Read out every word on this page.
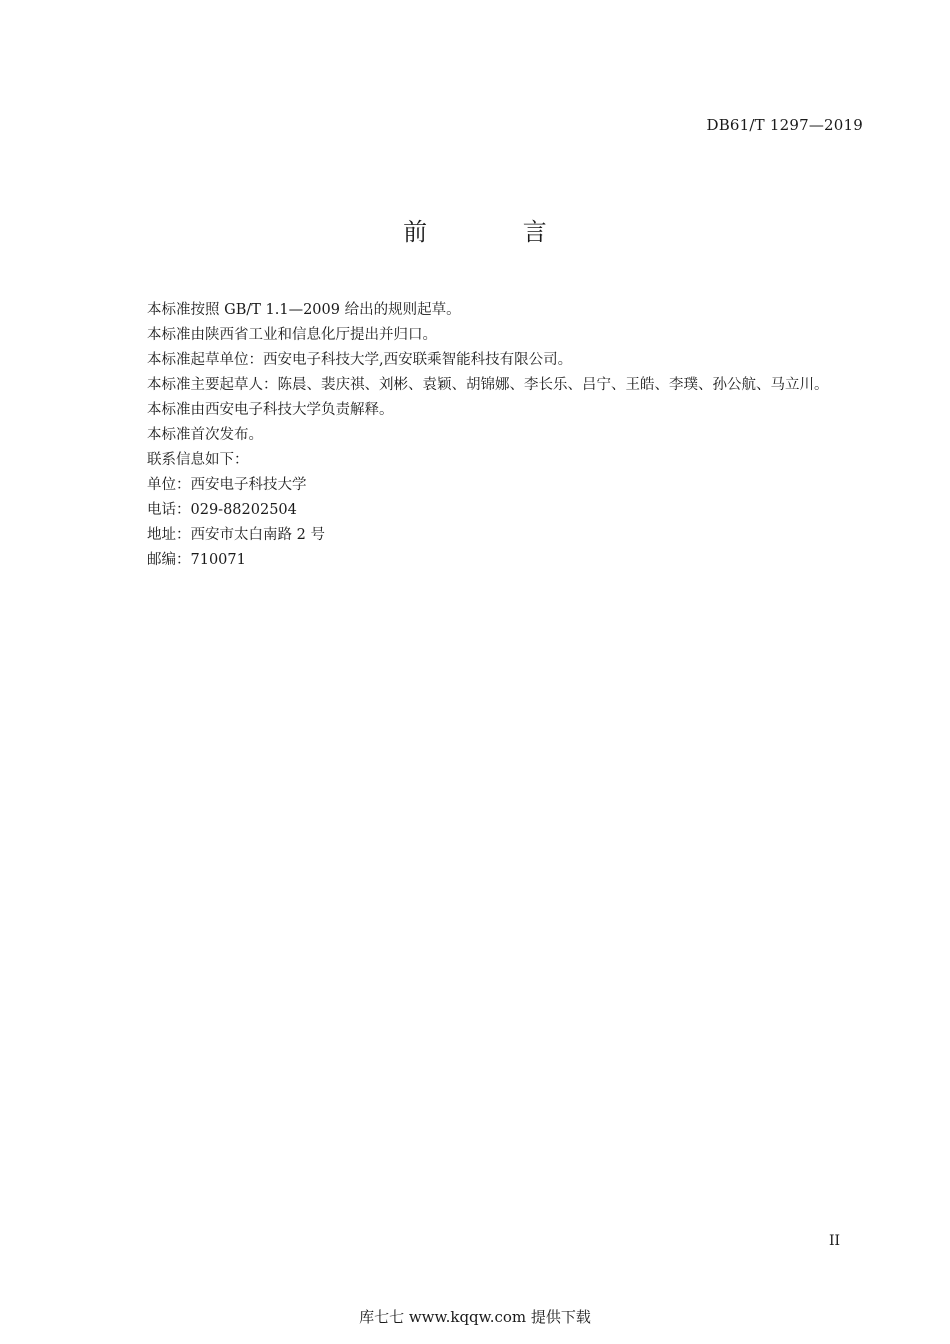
DB61/T 1297—2019
前 言

本标准按照 GB/T 1.1—2009 给出的规则起草。

本标准由陕西省工业和信息化厅提出并归口。

本标准起草单位：西安电子科技大学,西安联乘智能科技有限公司。

本标准主要起草人：陈晨、裴庆祺、刘彬、袁颖、胡锦娜、李长乐、吕宁、王皓、李璞、孙公航、马立川。

本标准由西安电子科技大学负责解释。

本标准首次发布。

联系信息如下：

单位：西安电子科技大学

电话：029-88202504

地址：西安市太白南路 2 号

邮编：710071

II
库七七 www.kqqw.com 提供下载
